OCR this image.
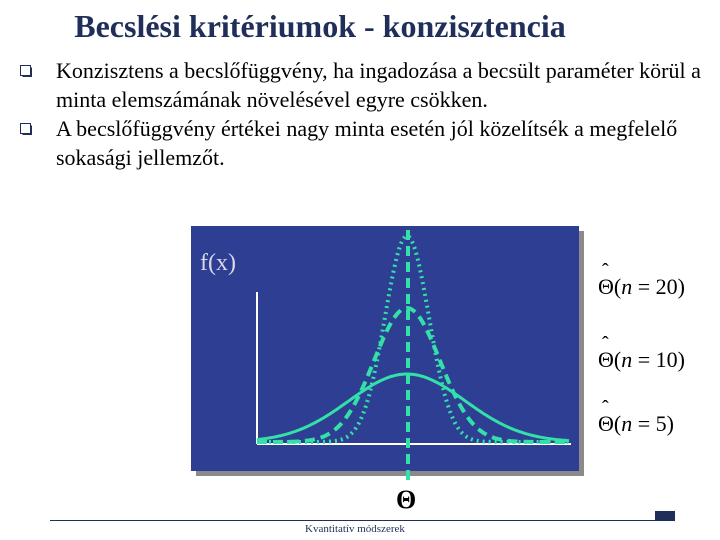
Becslési kritériumok - konzisztencia
Konzisztens a becslőfüggvény, ha ingadozása a becsült paraméter körül a minta elemszámának növelésével egyre csökken.
A becslőfüggvény értékei nagy minta esetén jól közelítsék a megfelelő sokasági jellemzőt.
f(x)
ˆ Θ(n = 20)
ˆ Θ(n = 10)
ˆ Θ(n = 5)
Θ
Kvantitatív módszerek
